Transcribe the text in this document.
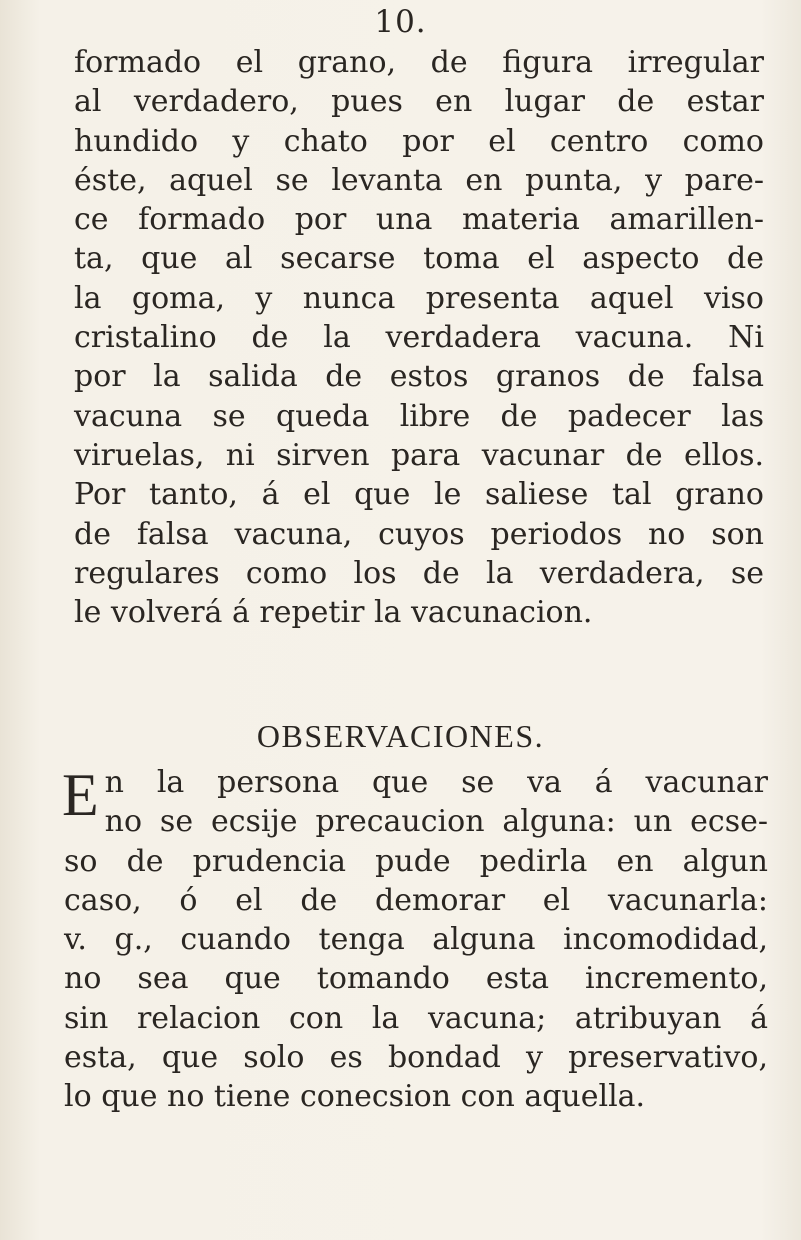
10.
formado el grano, de figura irregular
al verdadero, pues en lugar de estar
hundido y chato por el centro como
éste, aquel se levanta en punta, y pare-
ce formado por una materia amarillen-
ta, que al secarse toma el aspecto de
la goma, y nunca presenta aquel viso
cristalino de la verdadera vacuna. Ni
por la salida de estos granos de falsa
vacuna se queda libre de padecer las
viruelas, ni sirven para vacunar de ellos.
Por tanto, á el que le saliese tal grano
de falsa vacuna, cuyos periodos no son
regulares como los de la verdadera, se
le volverá á repetir la vacunacion.
OBSERVACIONES.
E n la persona que se va á vacunar
no se ecsije precaucion alguna: un ecse-
so de prudencia pude pedirla en algun
caso, ó el de demorar el vacunarla:
v. g., cuando tenga alguna incomodidad,
no sea que tomando esta incremento,
sin relacion con la vacuna; atribuyan á
esta, que solo es bondad y preservativo,
lo que no tiene conecsion con aquella.
